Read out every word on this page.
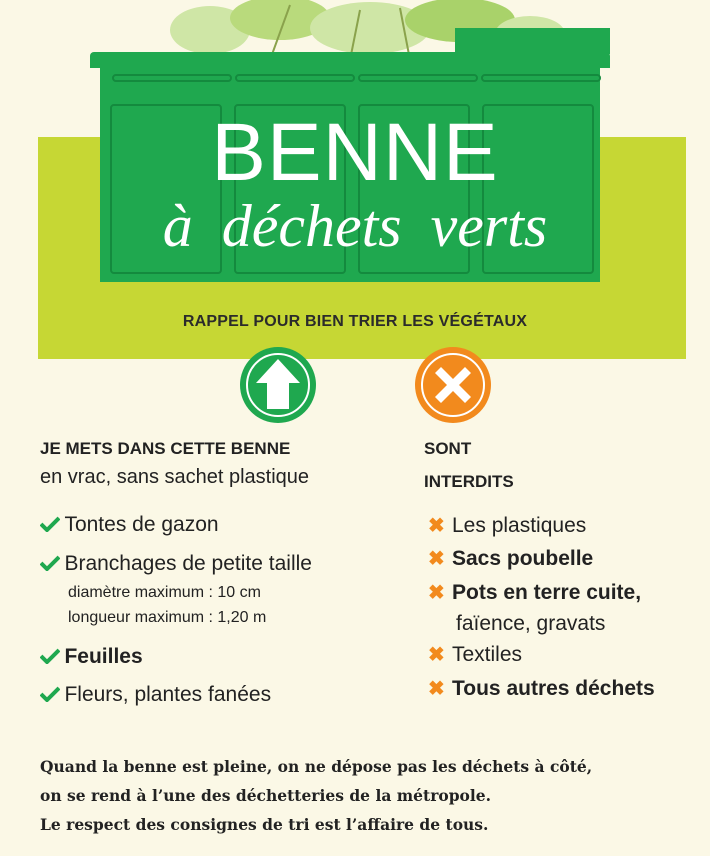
BENNE
à déchets verts
RAPPEL POUR BIEN TRIER LES VÉGÉTAUX
JE METS DANS CETTE BENNE
en vrac, sans sachet plastique
Tontes de gazon
Branchages de petite taille
diamètre maximum : 10 cm
longueur maximum : 1,20 m
Feuilles
Fleurs, plantes fanées
SONT
INTERDITS
✖ Les plastiques
✖ Sacs poubelle
✖ Pots en terre cuite,
faïence, gravats
✖ Textiles
✖ Tous autres déchets
Quand la benne est pleine, on ne dépose pas les déchets à côté,
on se rend à l’une des déchetteries de la métropole.
Le respect des consignes de tri est l’affaire de tous.
